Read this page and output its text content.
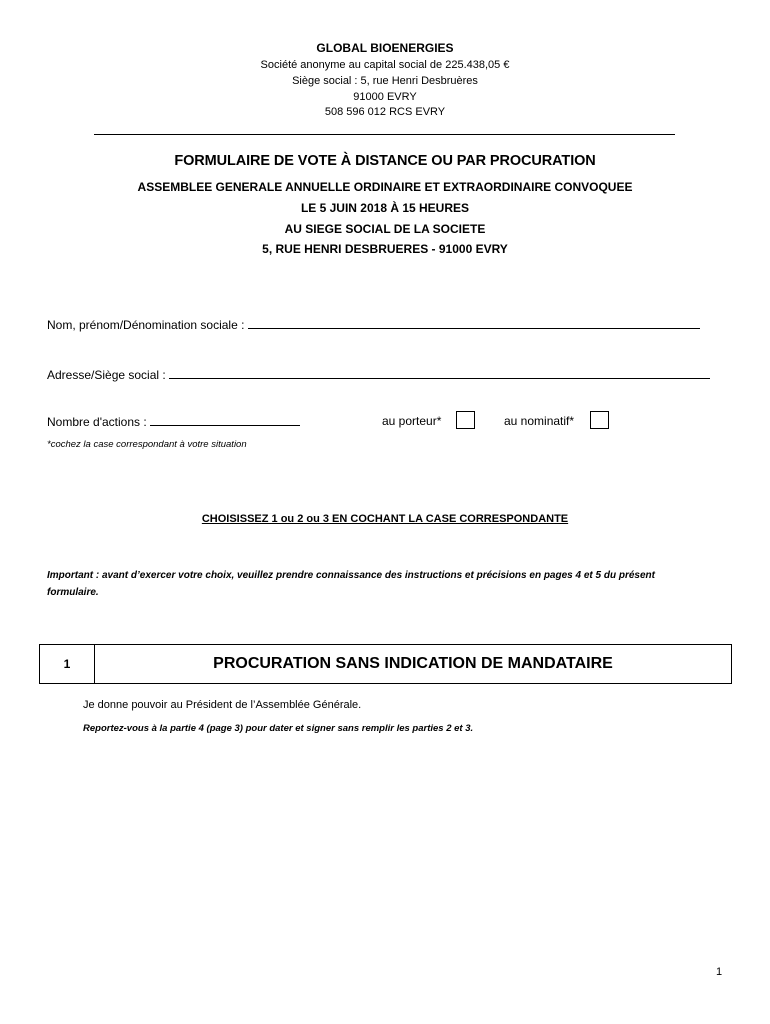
GLOBAL BIOENERGIES
Société anonyme au capital social de 225.438,05 €
Siège social : 5, rue Henri Desbruères
91000 EVRY
508 596 012 RCS EVRY
FORMULAIRE DE VOTE À DISTANCE OU PAR PROCURATION
ASSEMBLEE GENERALE ANNUELLE ORDINAIRE ET EXTRAORDINAIRE CONVOQUEE
LE 5 JUIN 2018 À 15 HEURES
AU SIEGE SOCIAL DE LA SOCIETE
5, RUE HENRI DESBRUERES - 91000 EVRY
Nom, prénom/Dénomination sociale :
Adresse/Siège social :
Nombre d'actions :	au porteur*	au nominatif*
*cochez la case correspondant à votre situation
CHOISISSEZ 1 ou 2 ou 3 EN COCHANT LA CASE CORRESPONDANTE
Important : avant d’exercer votre choix, veuillez prendre connaissance des instructions et précisions en pages 4 et 5 du présent
formulaire.
1	PROCURATION SANS INDICATION DE MANDATAIRE
Je donne pouvoir au Président de l’Assemblée Générale.
Reportez-vous à la partie 4 (page 3) pour dater et signer sans remplir les parties 2 et 3.
1
